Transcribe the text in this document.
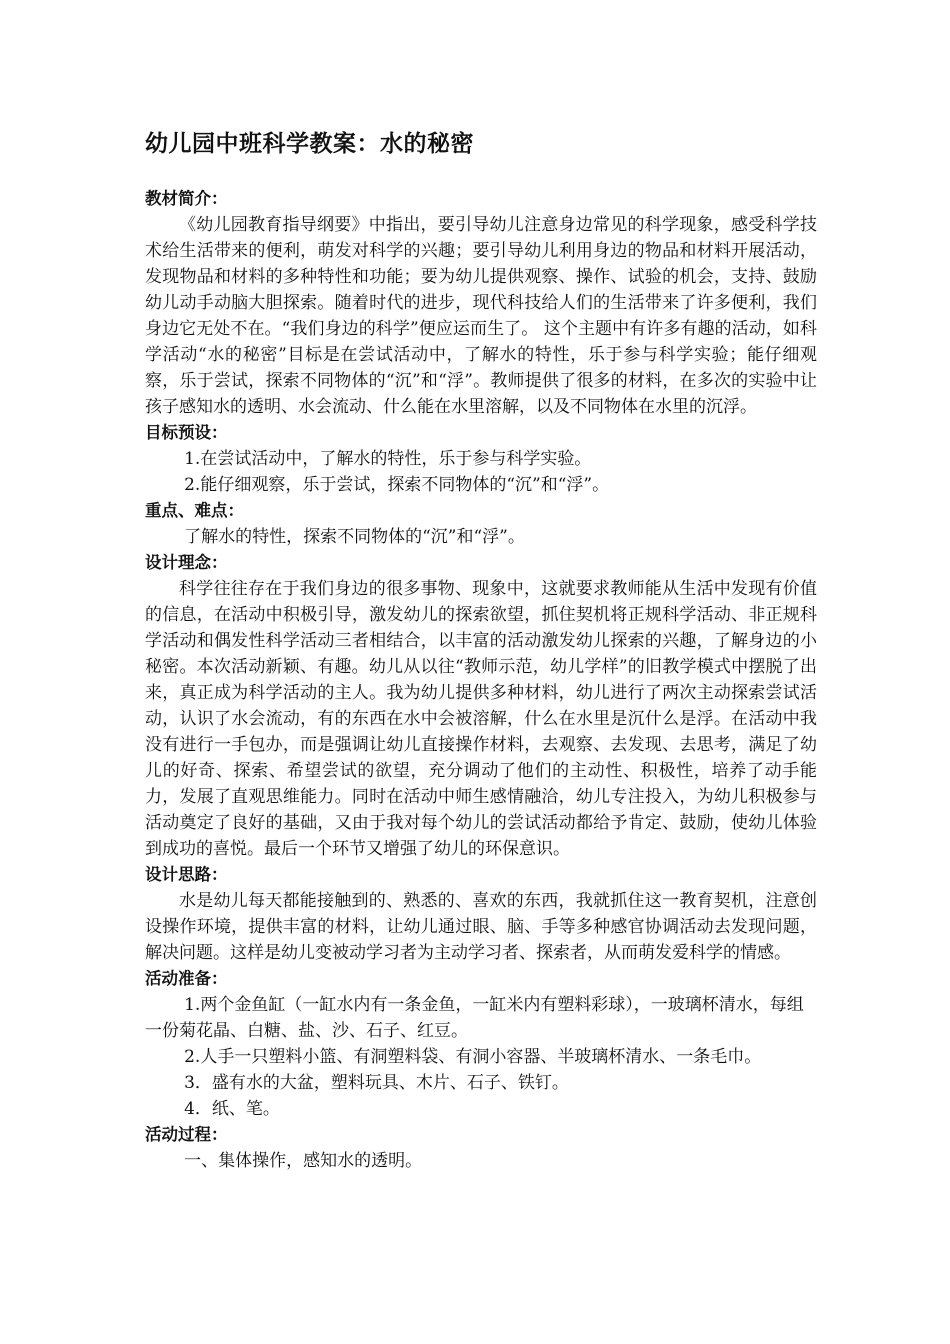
幼儿园中班科学教案：水的秘密
教材简介：

《幼儿园教育指导纲要》中指出，要引导幼儿注意身边常见的科学现象，感受科学技术给生活带来的便利，萌发对科学的兴趣；要引导幼儿利用身边的物品和材料开展活动，发现物品和材料的多种特性和功能；要为幼儿提供观察、操作、试验的机会，支持、鼓励幼儿动手动脑大胆探索。随着时代的进步，现代科技给人们的生活带来了许多便利，我们身边它无处不在。“我们身边的科学”便应运而生了。 这个主题中有许多有趣的活动，如科学活动“水的秘密”目标是在尝试活动中，了解水的特性，乐于参与科学实验；能仔细观察，乐于尝试，探索不同物体的“沉”和“浮”。教师提供了很多的材料，在多次的实验中让孩子感知水的透明、水会流动、什么能在水里溶解，以及不同物体在水里的沉浮。

目标预设：

1.在尝试活动中，了解水的特性，乐于参与科学实验。

2.能仔细观察，乐于尝试，探索不同物体的“沉”和“浮”。

重点、难点：

了解水的特性，探索不同物体的“沉”和“浮”。

设计理念：

科学往往存在于我们身边的很多事物、现象中，这就要求教师能从生活中发现有价值的信息，在活动中积极引导，激发幼儿的探索欲望，抓住契机将正规科学活动、非正规科学活动和偶发性科学活动三者相结合，以丰富的活动激发幼儿探索的兴趣，了解身边的小秘密。本次活动新颖、有趣。幼儿从以往“教师示范，幼儿学样”的旧教学模式中摆脱了出来，真正成为科学活动的主人。我为幼儿提供多种材料，幼儿进行了两次主动探索尝试活动，认识了水会流动，有的东西在水中会被溶解，什么在水里是沉什么是浮。在活动中我没有进行一手包办，而是强调让幼儿直接操作材料，去观察、去发现、去思考，满足了幼儿的好奇、探索、希望尝试的欲望，充分调动了他们的主动性、积极性，培养了动手能力，发展了直观思维能力。同时在活动中师生感情融洽，幼儿专注投入，为幼儿积极参与活动奠定了良好的基础，又由于我对每个幼儿的尝试活动都给予肯定、鼓励，使幼儿体验到成功的喜悦。最后一个环节又增强了幼儿的环保意识。

设计思路：

水是幼儿每天都能接触到的、熟悉的、喜欢的东西，我就抓住这一教育契机，注意创设操作环境，提供丰富的材料，让幼儿通过眼、脑、手等多种感官协调活动去发现问题，解决问题。这样是幼儿变被动学习者为主动学习者、探索者，从而萌发爱科学的情感。

活动准备：

1.两个金鱼缸（一缸水内有一条金鱼，一缸米内有塑料彩球），一玻璃杯清水，每组一份菊花晶、白糖、盐、沙、石子、红豆。

2.人手一只塑料小篮、有洞塑料袋、有洞小容器、半玻璃杯清水、一条毛巾。

3．盛有水的大盆，塑料玩具、木片、石子、铁钉。

4．纸、笔。

活动过程：

一、集体操作，感知水的透明。
